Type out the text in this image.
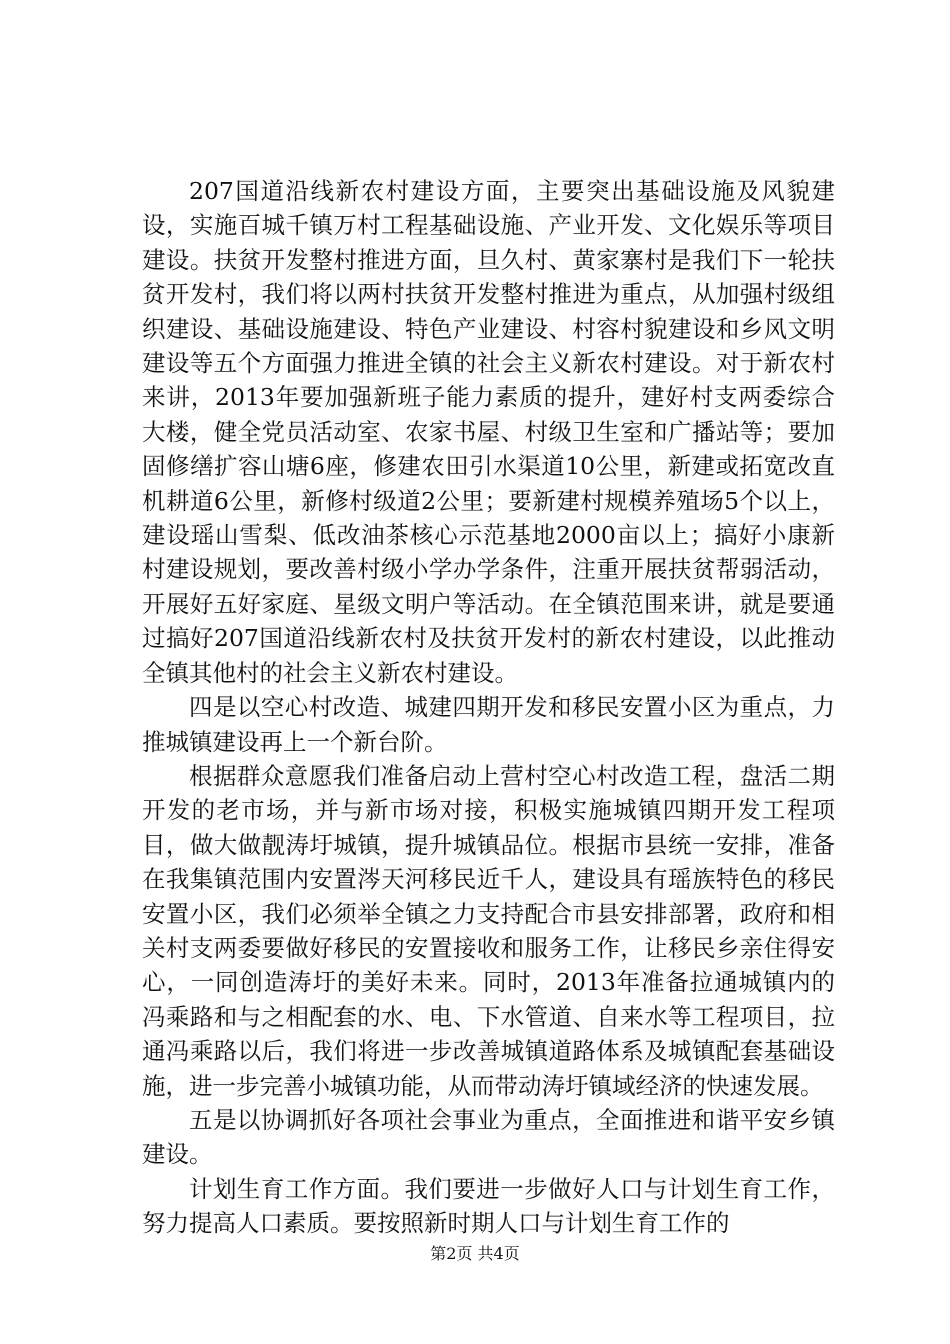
207国道沿线新农村建设方面，主要突出基础设施及风貌建设，实施百城千镇万村工程基础设施、产业开发、文化娱乐等项目建设。扶贫开发整村推进方面，旦久村、黄家寨村是我们下一轮扶贫开发村，我们将以两村扶贫开发整村推进为重点，从加强村级组织建设、基础设施建设、特色产业建设、村容村貌建设和乡风文明建设等五个方面强力推进全镇的社会主义新农村建设。对于新农村来讲，2013年要加强新班子能力素质的提升，建好村支两委综合大楼，健全党员活动室、农家书屋、村级卫生室和广播站等；要加固修缮扩容山塘6座，修建农田引水渠道10公里，新建或拓宽改直机耕道6公里，新修村级道2公里；要新建村规模养殖场5个以上，建设瑶山雪梨、低改油茶核心示范基地2000亩以上；搞好小康新村建设规划，要改善村级小学办学条件，注重开展扶贫帮弱活动，开展好五好家庭、星级文明户等活动。在全镇范围来讲，就是要通过搞好207国道沿线新农村及扶贫开发村的新农村建设，以此推动全镇其他村的社会主义新农村建设。

四是以空心村改造、城建四期开发和移民安置小区为重点，力推城镇建设再上一个新台阶。

根据群众意愿我们准备启动上营村空心村改造工程，盘活二期开发的老市场，并与新市场对接，积极实施城镇四期开发工程项目，做大做靓涛圩城镇，提升城镇品位。根据市县统一安排，准备在我集镇范围内安置涔天河移民近千人，建设具有瑶族特色的移民安置小区，我们必须举全镇之力支持配合市县安排部署，政府和相关村支两委要做好移民的安置接收和服务工作，让移民乡亲住得安心，一同创造涛圩的美好未来。同时，2013年准备拉通城镇内的冯乘路和与之相配套的水、电、下水管道、自来水等工程项目，拉通冯乘路以后，我们将进一步改善城镇道路体系及城镇配套基础设施，进一步完善小城镇功能，从而带动涛圩镇域经济的快速发展。

五是以协调抓好各项社会事业为重点，全面推进和谐平安乡镇建设。

计划生育工作方面。我们要进一步做好人口与计划生育工作，努力提高人口素质。要按照新时期人口与计划生育工作的

第2页 共4页
